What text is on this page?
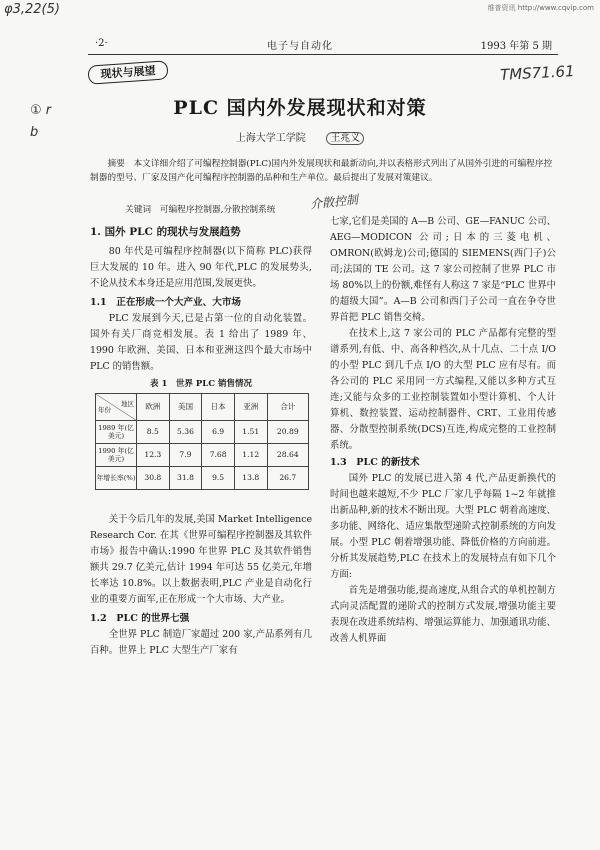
φ3,22(5)	维普资讯 http://www.cqvip.com
TMS71.61
① rb
·2·	电子与自动化	1993 年第 5 期
现状与展望
PLC 国内外发展现状和对策
上海大学工学院 王兆义

摘要　本文详细介绍了可编程控制器(PLC)国内外发展现状和最新动向,并以表格形式列出了从国外引进的可编程序控制器的型号、厂家及国产化可编程序控制器的品种和生产单位。最后提出了发展对策建议。

关键词　可编程序控制器,分散控制系统	介散控制

1. 国外 PLC 的现状与发展趋势

80 年代是可编程序控制器(以下简称 PLC)获得巨大发展的 10 年。进入 90 年代,PLC 的发展势头,不论从技术本身还是应用范围,发展更快。

1.1　正在形成一个大产业、大市场

PLC 发展到今天,已是占第一位的自动化装置。国外有关厂商竞相发展。表 1 给出了 1989 年、1990 年欧洲、美国、日本和亚洲这四个最大市场中 PLC 的销售额。

表 1　世界 PLC 销售情况

地区
年份	欧洲	美国	日本	亚洲	合计
1989 年(亿美元)	8.5	5.36	6.9	1.51	20.89
1990 年(亿美元)	12.3	7.9	7.68	1.12	28.64
年增长率(%)	30.8	31.8	9.5	13.8	26.7

关于今后几年的发展,美国 Market Intelligence Research Cor. 在其《世界可编程序控制器及其软件市场》报告中确认:1990 年世界 PLC 及其软件销售额共 29.7 亿美元,估计 1994 年可达 55 亿美元,年增长率达 10.8%。以上数据表明,PLC 产业是自动化行业的重要方面军,正在形成一个大市场、大产业。

1.2　PLC 的世界七强

全世界 PLC 制造厂家超过 200 家,产品系列有几百种。世界上 PLC 大型生产厂家有

七家,它们是美国的 A—B 公司、GE—FANUC 公司、AEG—MODICON 公司;日本的三菱电机、OMRON(欧姆龙)公司;德国的 SIEMENS(西门子)公司;法国的 TE 公司。这 7 家公司控制了世界 PLC 市场 80%以上的份额,难怪有人称这 7 家是“PLC 世界中的超级大国”。A—B 公司和西门子公司一直在争夺世界首把 PLC 销售交椅。

在技术上,这 7 家公司的 PLC 产品都有完整的型谱系列,有低、中、高各种档次,从十几点、二十点 I/O 的小型 PLC 到几千点 I/O 的大型 PLC 应有尽有。而各公司的 PLC 采用同一方式编程,又能以多种方式互连;又能与众多的工业控制装置如小型计算机、个人计算机、数控装置、运动控制器件、CRT、工业用传感器、分散型控制系统(DCS)互连,构成完整的工业控制系统。

1.3　PLC 的新技术

国外 PLC 的发展已进入第 4 代,产品更新换代的时间也越来越短,不少 PLC 厂家几乎每隔 1~2 年就推出新品种,新的技术不断出现。大型 PLC 朝着高速度、多功能、网络化、适应集散型递阶式控制系统的方向发展。小型 PLC 朝着增强功能、降低价格的方向前进。分析其发展趋势,PLC 在技术上的发展特点有如下几个方面:

首先是增强功能,提高速度,从组合式的单机控制方式向灵活配置的递阶式的控制方式发展,增强功能主要表现在改进系统结构、增强运算能力、加强通讯功能、改善人机界面
